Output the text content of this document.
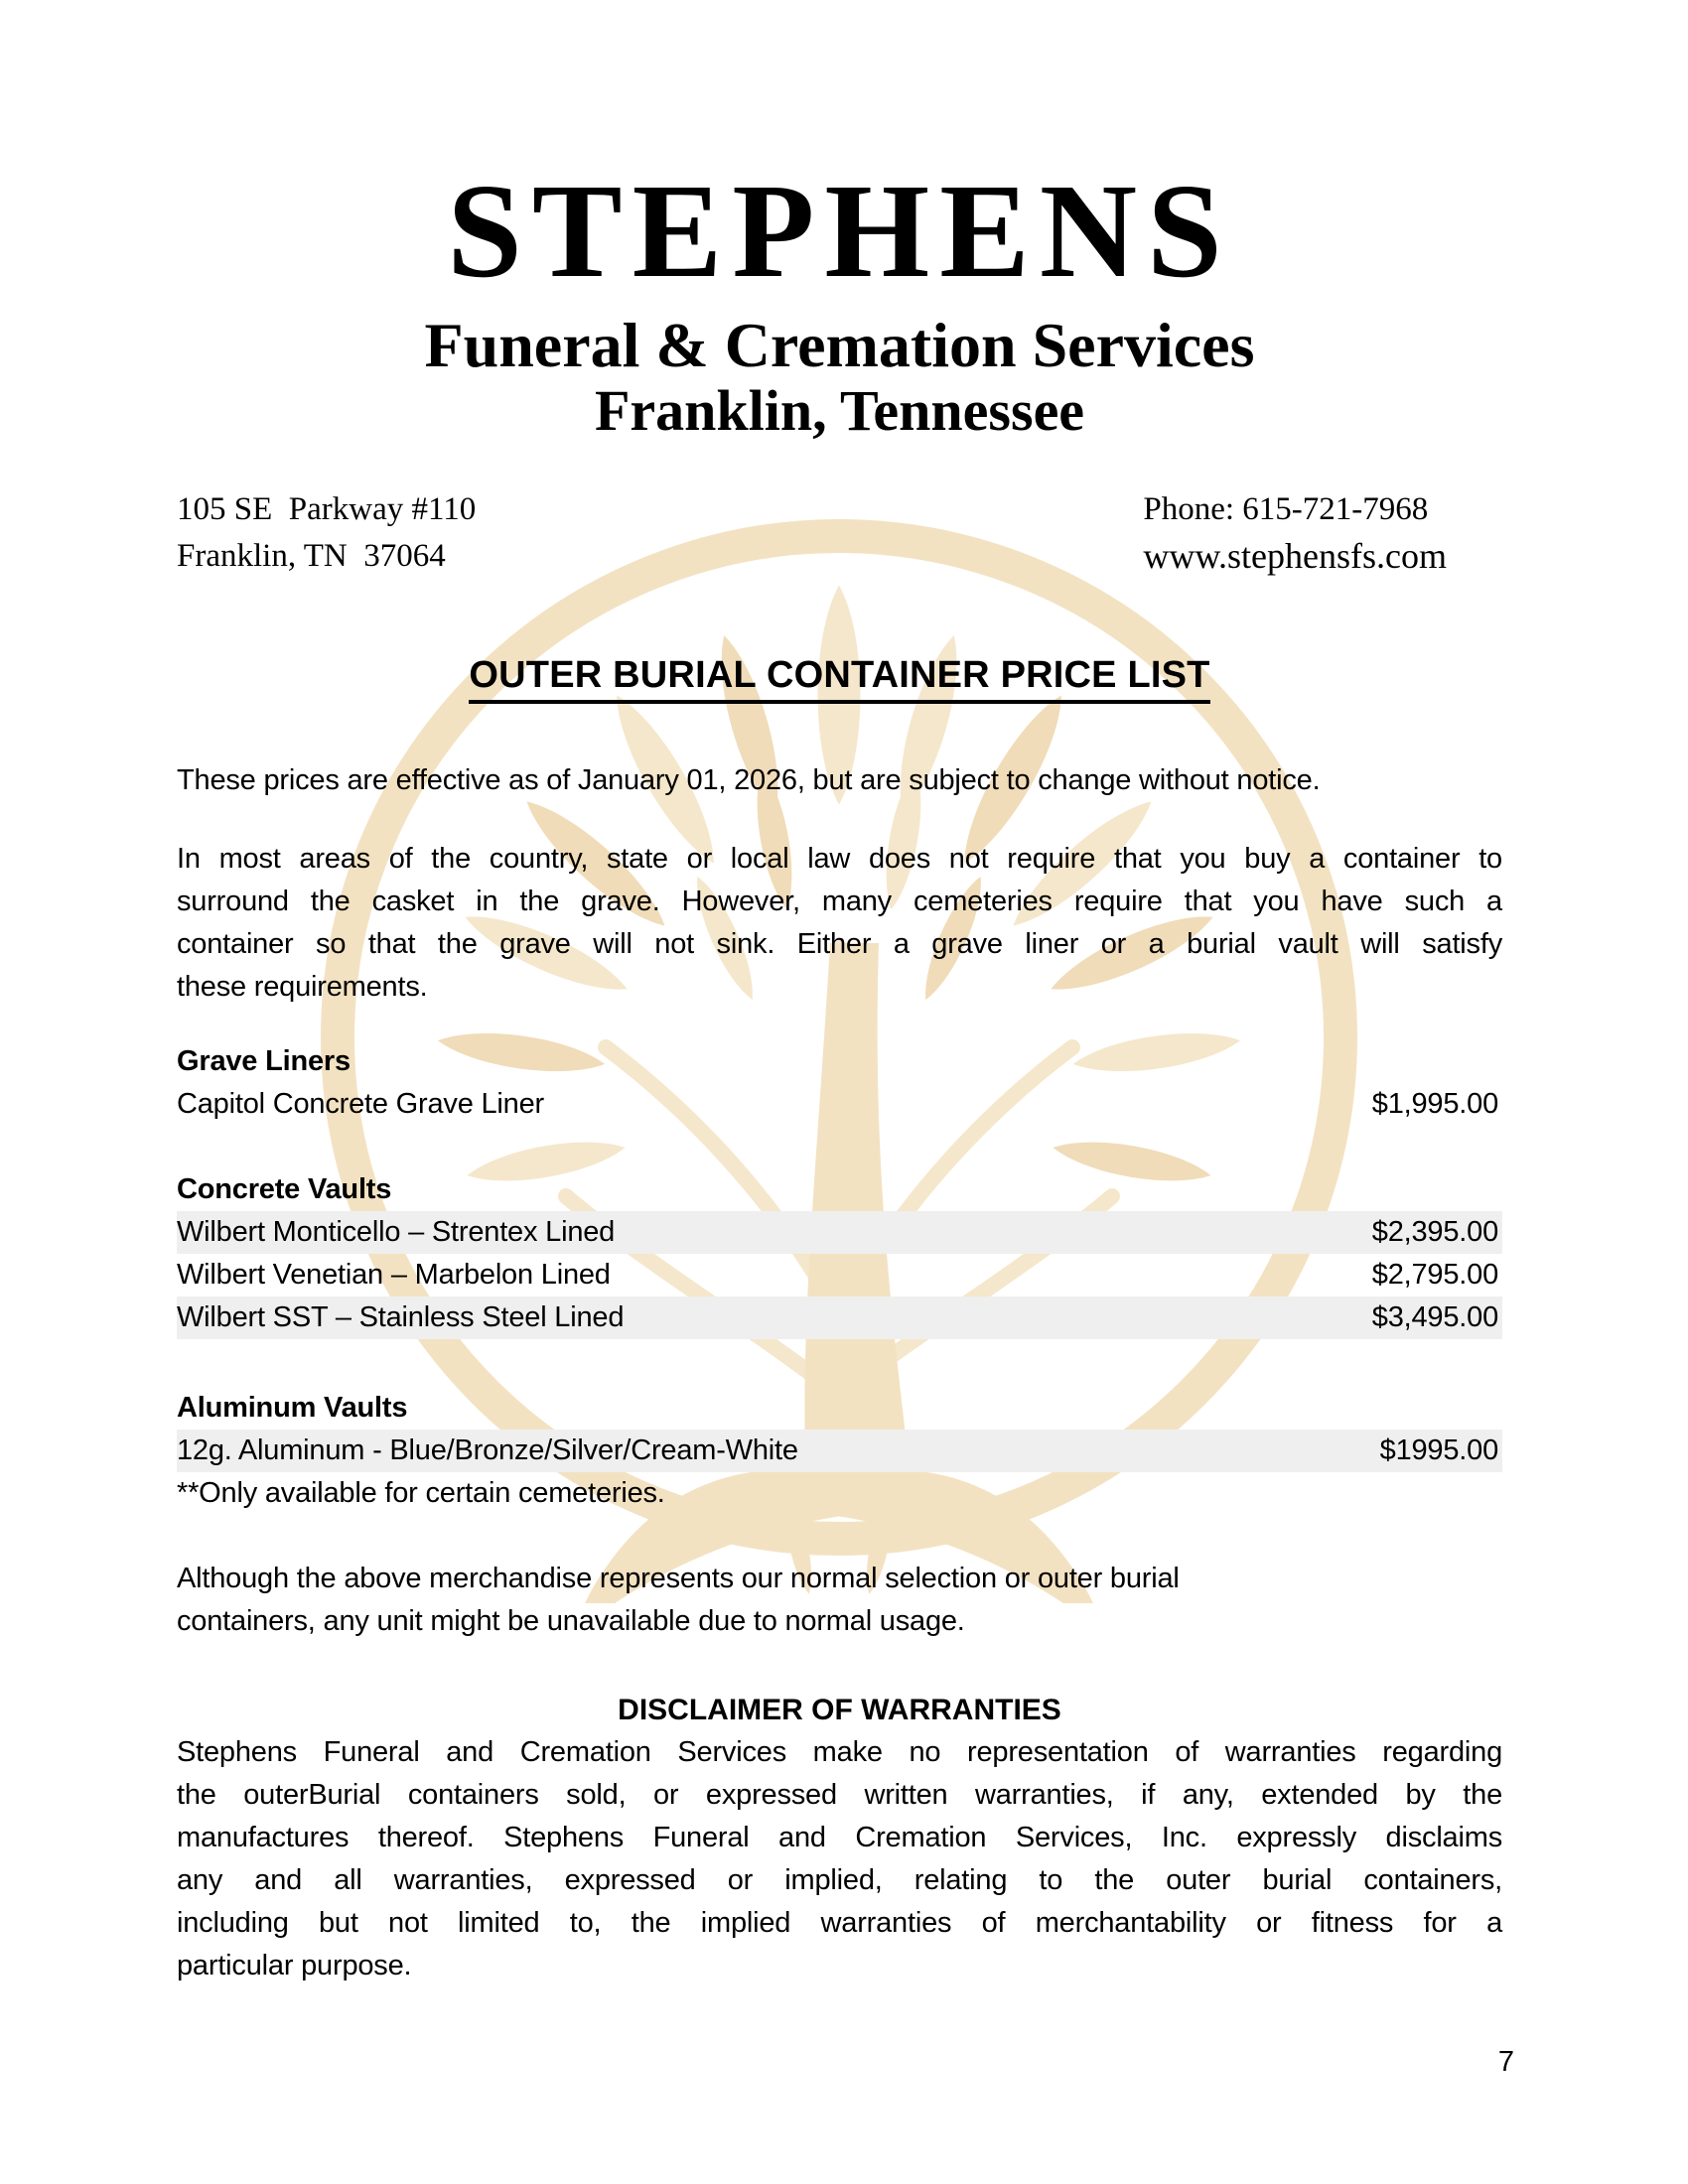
STEPHENS
Funeral & Cremation Services
Franklin, Tennessee
105 SE  Parkway #110
Franklin, TN  37064
Phone: 615-721-7968
www.stephensfs.com
OUTER BURIAL CONTAINER PRICE LIST
These prices are effective as of January 01, 2026, but are subject to change without notice.
In most areas of the country, state or local law does not require that you buy a container to
surround the casket in the grave. However, many cemeteries require that you have such a
container so that the grave will not sink. Either a grave liner or a burial vault will satisfy
these requirements.
Grave Liners
Capitol Concrete Grave Liner	$1,995.00
Concrete Vaults
Wilbert Monticello – Strentex Lined	$2,395.00
Wilbert Venetian – Marbelon Lined	$2,795.00
Wilbert SST – Stainless Steel Lined	$3,495.00
Aluminum Vaults
12g. Aluminum - Blue/Bronze/Silver/Cream-White	$1995.00
**Only available for certain cemeteries.
Although the above merchandise represents our normal selection or outer burial
containers, any unit might be unavailable due to normal usage.
DISCLAIMER OF WARRANTIES
Stephens Funeral and Cremation Services make no representation of warranties regarding
the outerBurial containers sold, or expressed written warranties, if any, extended by the
manufactures thereof. Stephens Funeral and Cremation Services, Inc. expressly disclaims
any and all warranties, expressed or implied, relating to the outer burial containers,
including but not limited to, the implied warranties of merchantability or fitness for a
particular purpose.
7
